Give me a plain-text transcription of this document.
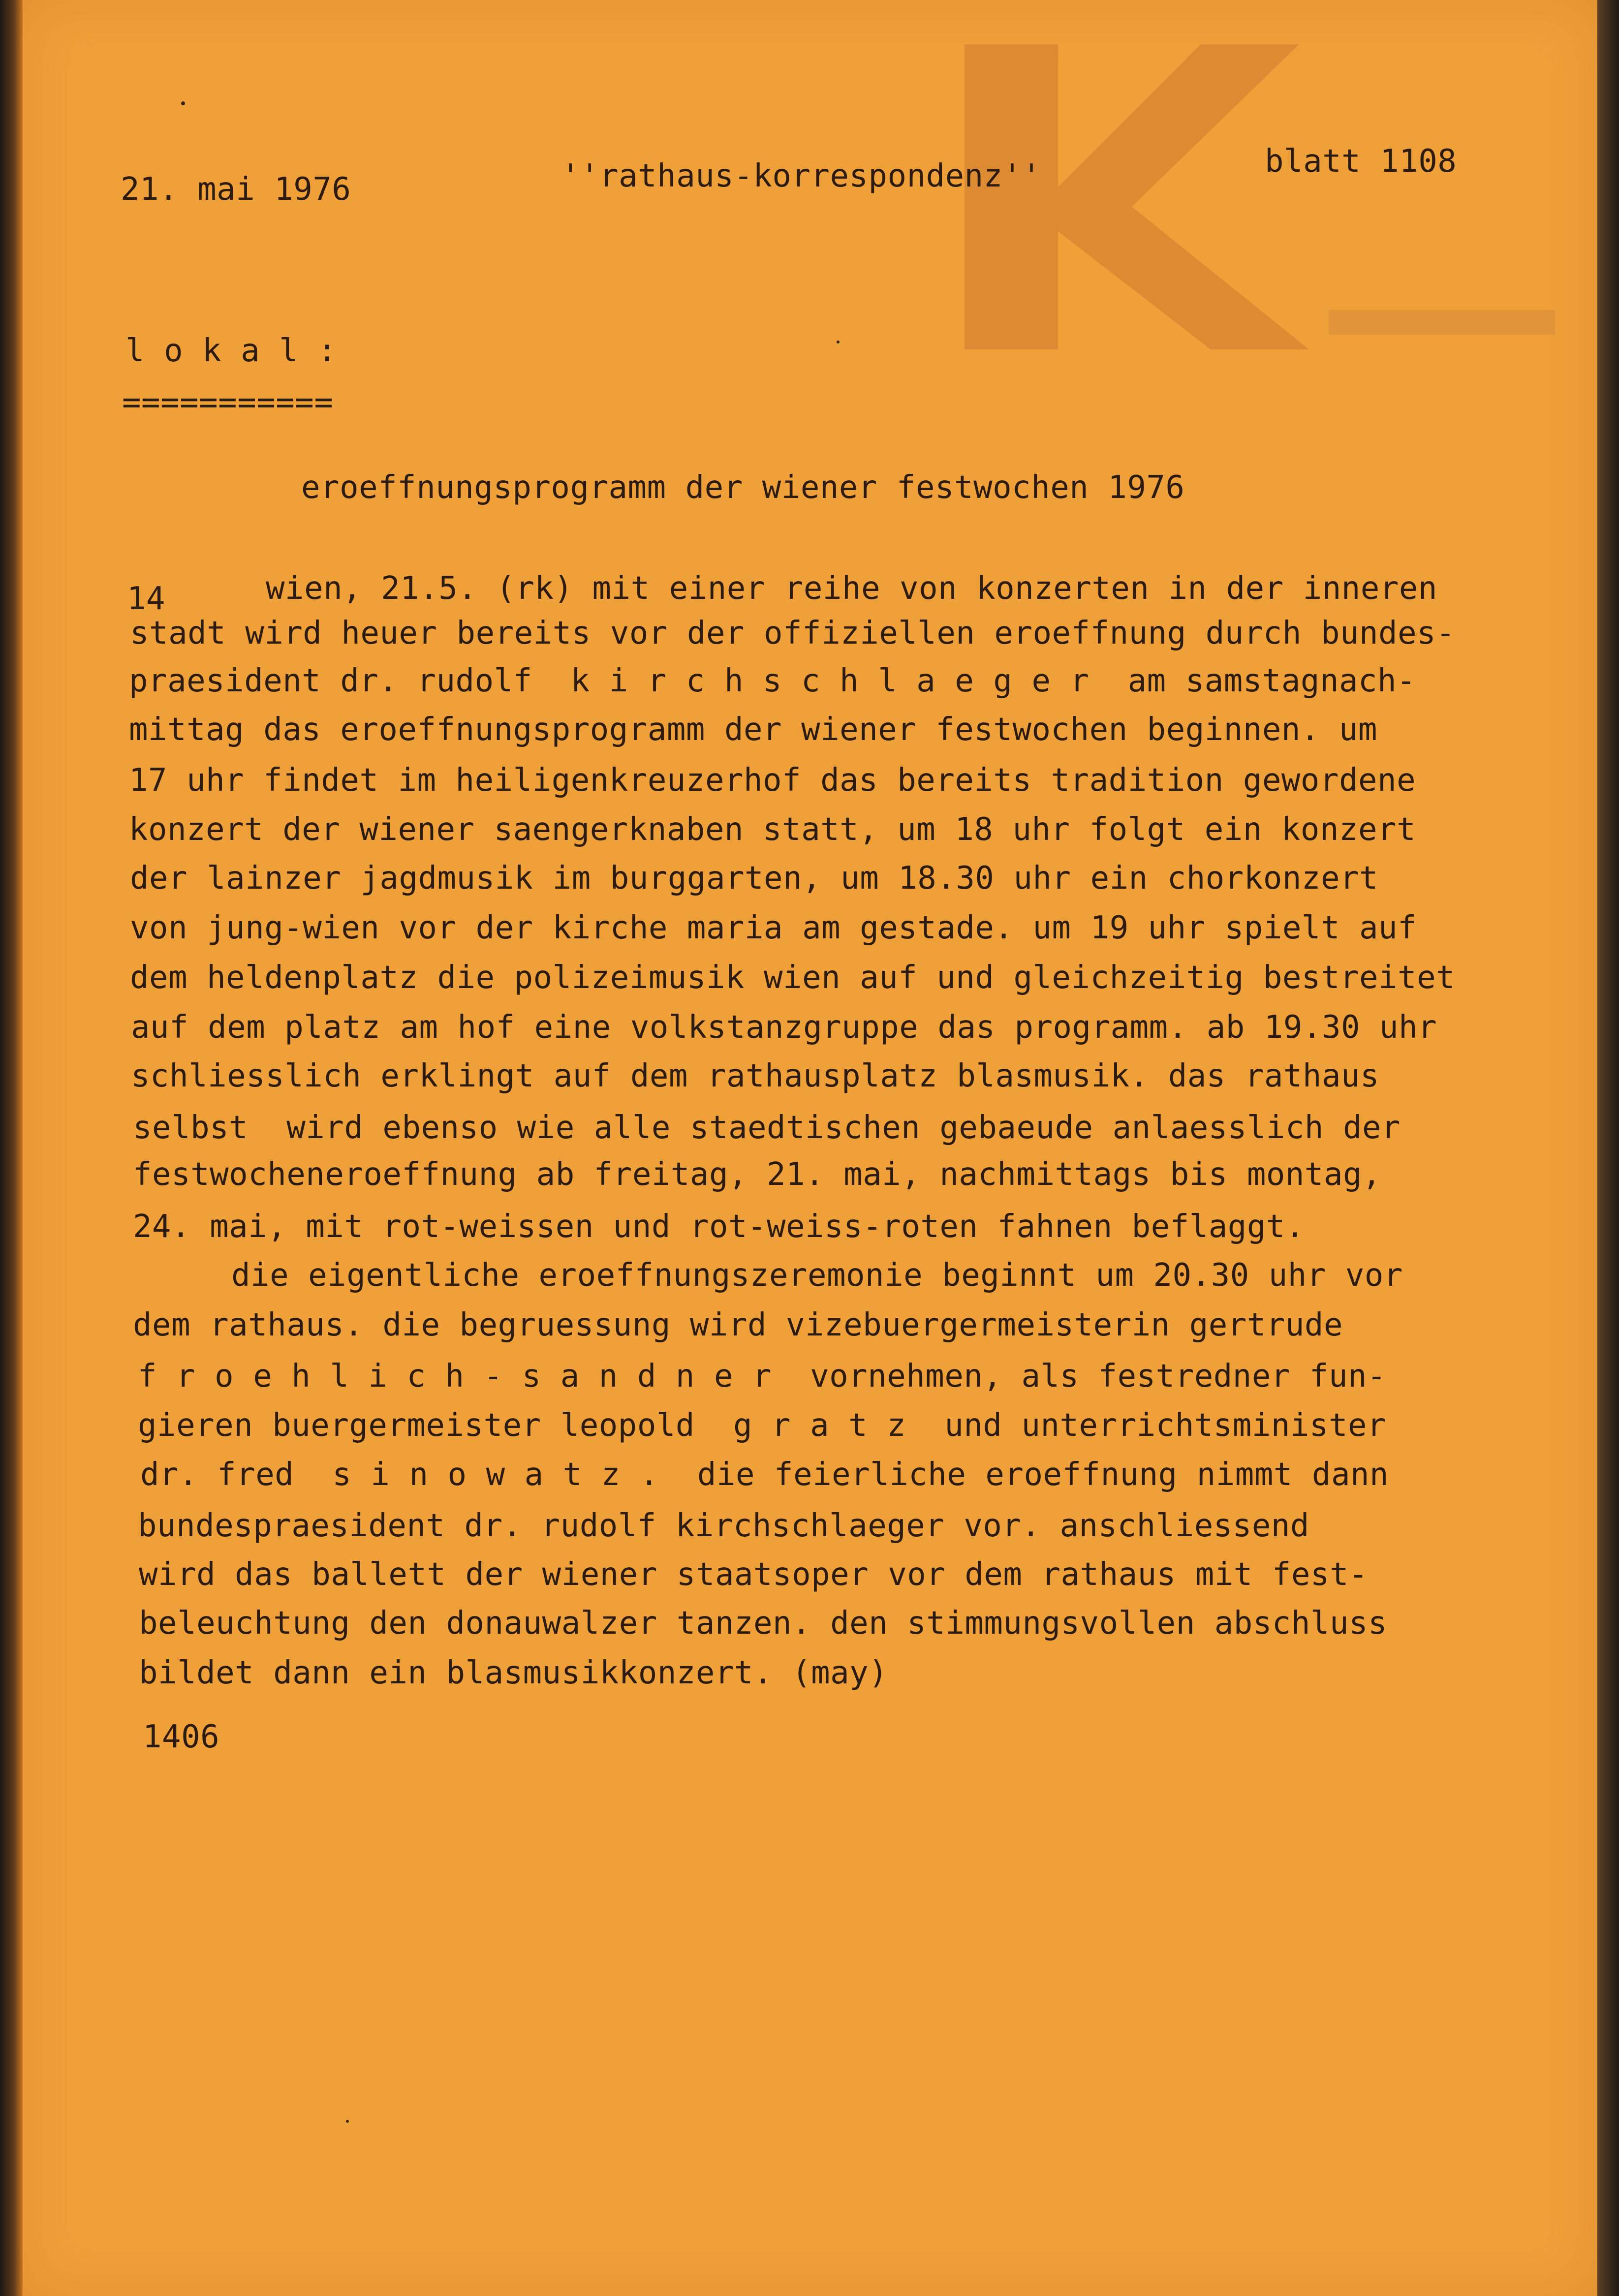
21. mai 1976	''rathaus-korrespondenz''	blatt 1108
l o k a l :
===========
eroeffnungsprogramm der wiener festwochen 1976
14	wien, 21.5. (rk) mit einer reihe von konzerten in der inneren
stadt wird heuer bereits vor der offiziellen eroeffnung durch bundes-
praesident dr. rudolf  k i r c h s c h l a e g e r  am samstagnach-
mittag das eroeffnungsprogramm der wiener festwochen beginnen. um
17 uhr findet im heiligenkreuzerhof das bereits tradition gewordene
konzert der wiener saengerknaben statt, um 18 uhr folgt ein konzert
der lainzer jagdmusik im burggarten, um 18.30 uhr ein chorkonzert
von jung-wien vor der kirche maria am gestade. um 19 uhr spielt auf
dem heldenplatz die polizeimusik wien auf und gleichzeitig bestreitet
auf dem platz am hof eine volkstanzgruppe das programm. ab 19.30 uhr
schliesslich erklingt auf dem rathausplatz blasmusik. das rathaus
selbst  wird ebenso wie alle staedtischen gebaeude anlaesslich der
festwocheneroeffnung ab freitag, 21. mai, nachmittags bis montag,
24. mai, mit rot-weissen und rot-weiss-roten fahnen beflaggt.
die eigentliche eroeffnungszeremonie beginnt um 20.30 uhr vor
dem rathaus. die begruessung wird vizebuergermeisterin gertrude
f r o e h l i c h - s a n d n e r  vornehmen, als festredner fun-
gieren buergermeister leopold  g r a t z  und unterrichtsminister
dr. fred  s i n o w a t z .  die feierliche eroeffnung nimmt dann
bundespraesident dr. rudolf kirchschlaeger vor. anschliessend
wird das ballett der wiener staatsoper vor dem rathaus mit fest-
beleuchtung den donauwalzer tanzen. den stimmungsvollen abschluss
bildet dann ein blasmusikkonzert. (may)
1406
